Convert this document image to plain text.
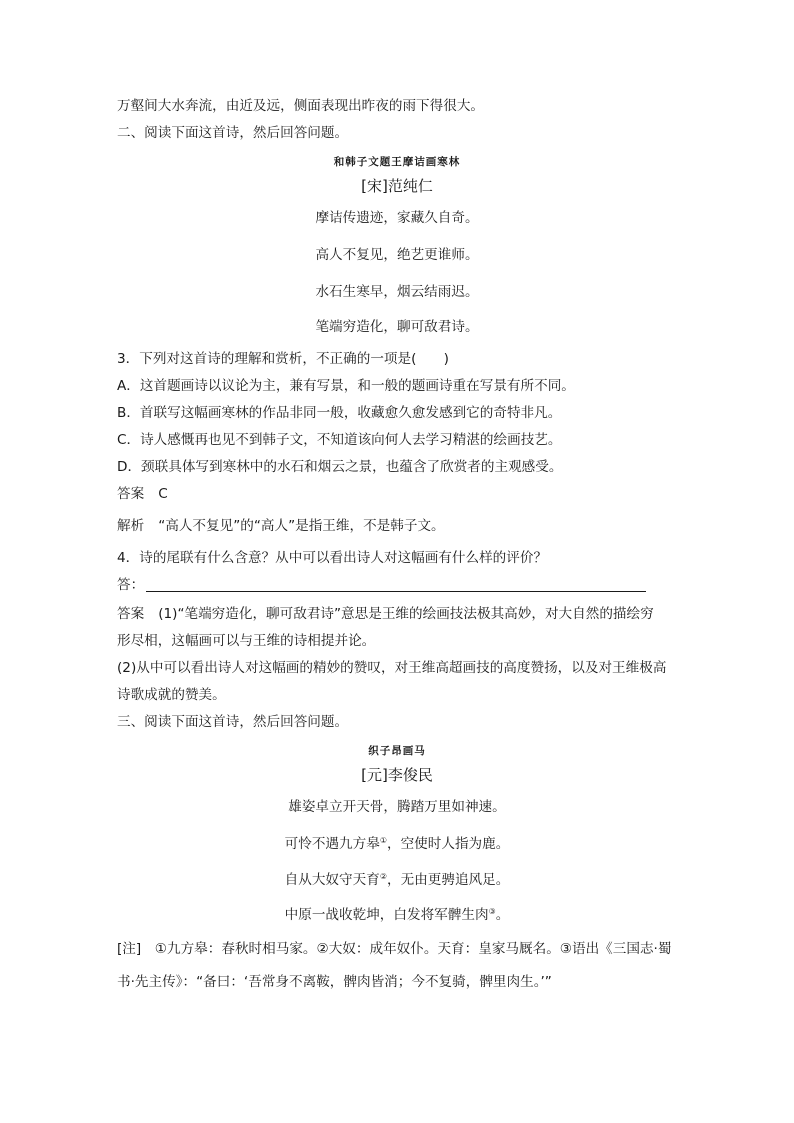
万壑间大水奔流，由近及远，侧面表现出昨夜的雨下得很大。
二、阅读下面这首诗，然后回答问题。
和韩子文题王摩诘画寒林
[宋]范纯仁
摩诘传遗迹，家藏久自奇。
高人不复见，绝艺更谁师。
水石生寒早，烟云结雨迟。
笔端穷造化，聊可敌君诗。
3．下列对这首诗的理解和赏析，不正确的一项是(　　)
A．这首题画诗以议论为主，兼有写景，和一般的题画诗重在写景有所不同。
B．首联写这幅画寒林的作品非同一般，收藏愈久愈发感到它的奇特非凡。
C．诗人感慨再也见不到韩子文，不知道该向何人去学习精湛的绘画技艺。
D．颈联具体写到寒林中的水石和烟云之景，也蕴含了欣赏者的主观感受。
答案 C
解析 “高人不复见”的“高人”是指王维，不是韩子文。
4．诗的尾联有什么含意？从中可以看出诗人对这幅画有什么样的评价？
答：
答案 (1)“笔端穷造化，聊可敌君诗”意思是王维的绘画技法极其高妙，对大自然的描绘穷
形尽相，这幅画可以与王维的诗相提并论。
(2)从中可以看出诗人对这幅画的精妙的赞叹，对王维高超画技的高度赞扬，以及对王维极高
诗歌成就的赞美。
三、阅读下面这首诗，然后回答问题。
织子昂画马
[元]李俊民
雄姿卓立开天骨，腾踏万里如神速。
可怜不遇九方皋①，空使时人指为鹿。
自从大奴守天育②，无由更骋追风足。
中原一战收乾坤，白发将军髀生肉③。
[注]　①九方皋：春秋时相马家。②大奴：成年奴仆。天育：皇家马厩名。③语出《三国志·蜀
书·先主传》：“备曰：‘吾常身不离鞍，髀肉皆消；今不复骑，髀里肉生。’”
